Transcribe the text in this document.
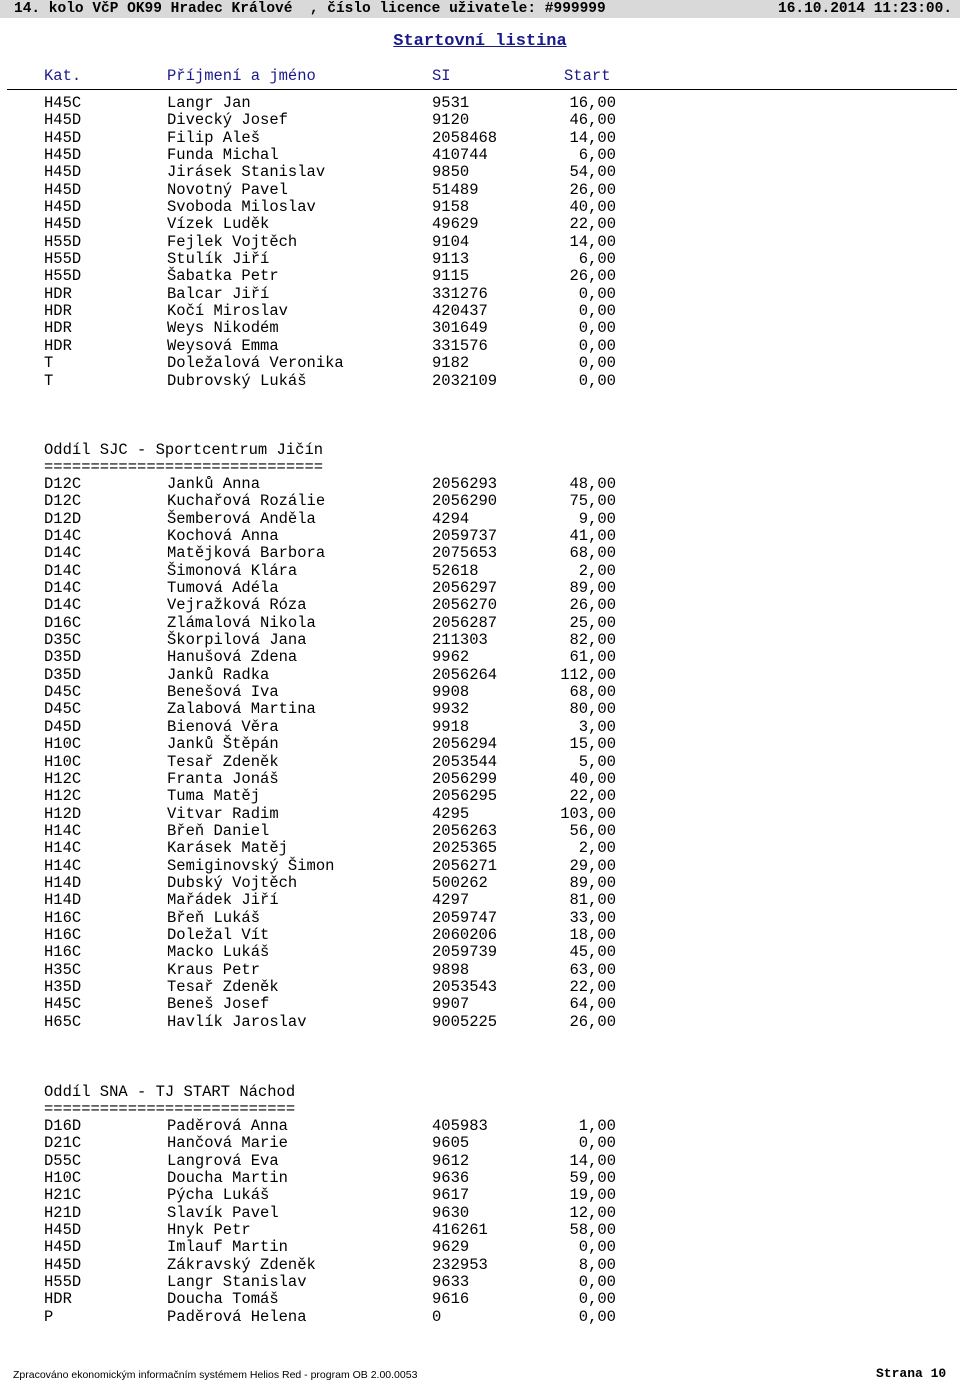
14. kolo VčP OK99 Hradec Králové  , číslo licence uživatele: #999999	16.10.2014 11:23:00.
Startovní listina
Kat.	Příjmení a jméno	SI	Start
H45C	Langr Jan	9531	16,00
H45D	Divecký Josef	9120	46,00
H45D	Filip Aleš	2058468	14,00
H45D	Funda Michal	410744	6,00
H45D	Jirásek Stanislav	9850	54,00
H45D	Novotný Pavel	51489	26,00
H45D	Svoboda Miloslav	9158	40,00
H45D	Vízek Luděk	49629	22,00
H55D	Fejlek Vojtěch	9104	14,00
H55D	Stulík Jiří	9113	6,00
H55D	Šabatka Petr	9115	26,00
HDR	Balcar Jiří	331276	0,00
HDR	Kočí Miroslav	420437	0,00
HDR	Weys Nikodém	301649	0,00
HDR	Weysová Emma	331576	0,00
T	Doležalová Veronika	9182	0,00
T	Dubrovský Lukáš	2032109	0,00
Oddíl SJC - Sportcentrum Jičín
==============================
D12C	Janků Anna	2056293	48,00
D12C	Kuchařová Rozálie	2056290	75,00
D12D	Šemberová Anděla	4294	9,00
D14C	Kochová Anna	2059737	41,00
D14C	Matějková Barbora	2075653	68,00
D14C	Šimonová Klára	52618	2,00
D14C	Tumová Adéla	2056297	89,00
D14C	Vejražková Róza	2056270	26,00
D16C	Zlámalová Nikola	2056287	25,00
D35C	Škorpilová Jana	211303	82,00
D35D	Hanušová Zdena	9962	61,00
D35D	Janků Radka	2056264	112,00
D45C	Benešová Iva	9908	68,00
D45C	Zalabová Martina	9932	80,00
D45D	Bienová Věra	9918	3,00
H10C	Janků Štěpán	2056294	15,00
H10C	Tesař Zdeněk	2053544	5,00
H12C	Franta Jonáš	2056299	40,00
H12C	Tuma Matěj	2056295	22,00
H12D	Vitvar Radim	4295	103,00
H14C	Břeň Daniel	2056263	56,00
H14C	Karásek Matěj	2025365	2,00
H14C	Semiginovský Šimon	2056271	29,00
H14D	Dubský Vojtěch	500262	89,00
H14D	Mařádek Jiří	4297	81,00
H16C	Břeň Lukáš	2059747	33,00
H16C	Doležal Vít	2060206	18,00
H16C	Macko Lukáš	2059739	45,00
H35C	Kraus Petr	9898	63,00
H35D	Tesař Zdeněk	2053543	22,00
H45C	Beneš Josef	9907	64,00
H65C	Havlík Jaroslav	9005225	26,00
Oddíl SNA - TJ START Náchod
===========================
D16D	Paděrová Anna	405983	1,00
D21C	Hančová Marie	9605	0,00
D55C	Langrová Eva	9612	14,00
H10C	Doucha Martin	9636	59,00
H21C	Pýcha Lukáš	9617	19,00
H21D	Slavík Pavel	9630	12,00
H45D	Hnyk Petr	416261	58,00
H45D	Imlauf Martin	9629	0,00
H45D	Zákravský Zdeněk	232953	8,00
H55D	Langr Stanislav	9633	0,00
HDR	Doucha Tomáš	9616	0,00
P	Paděrová Helena	0	0,00
Zpracováno ekonomickým informačním systémem Helios Red - program OB 2.00.0053	Strana 10
